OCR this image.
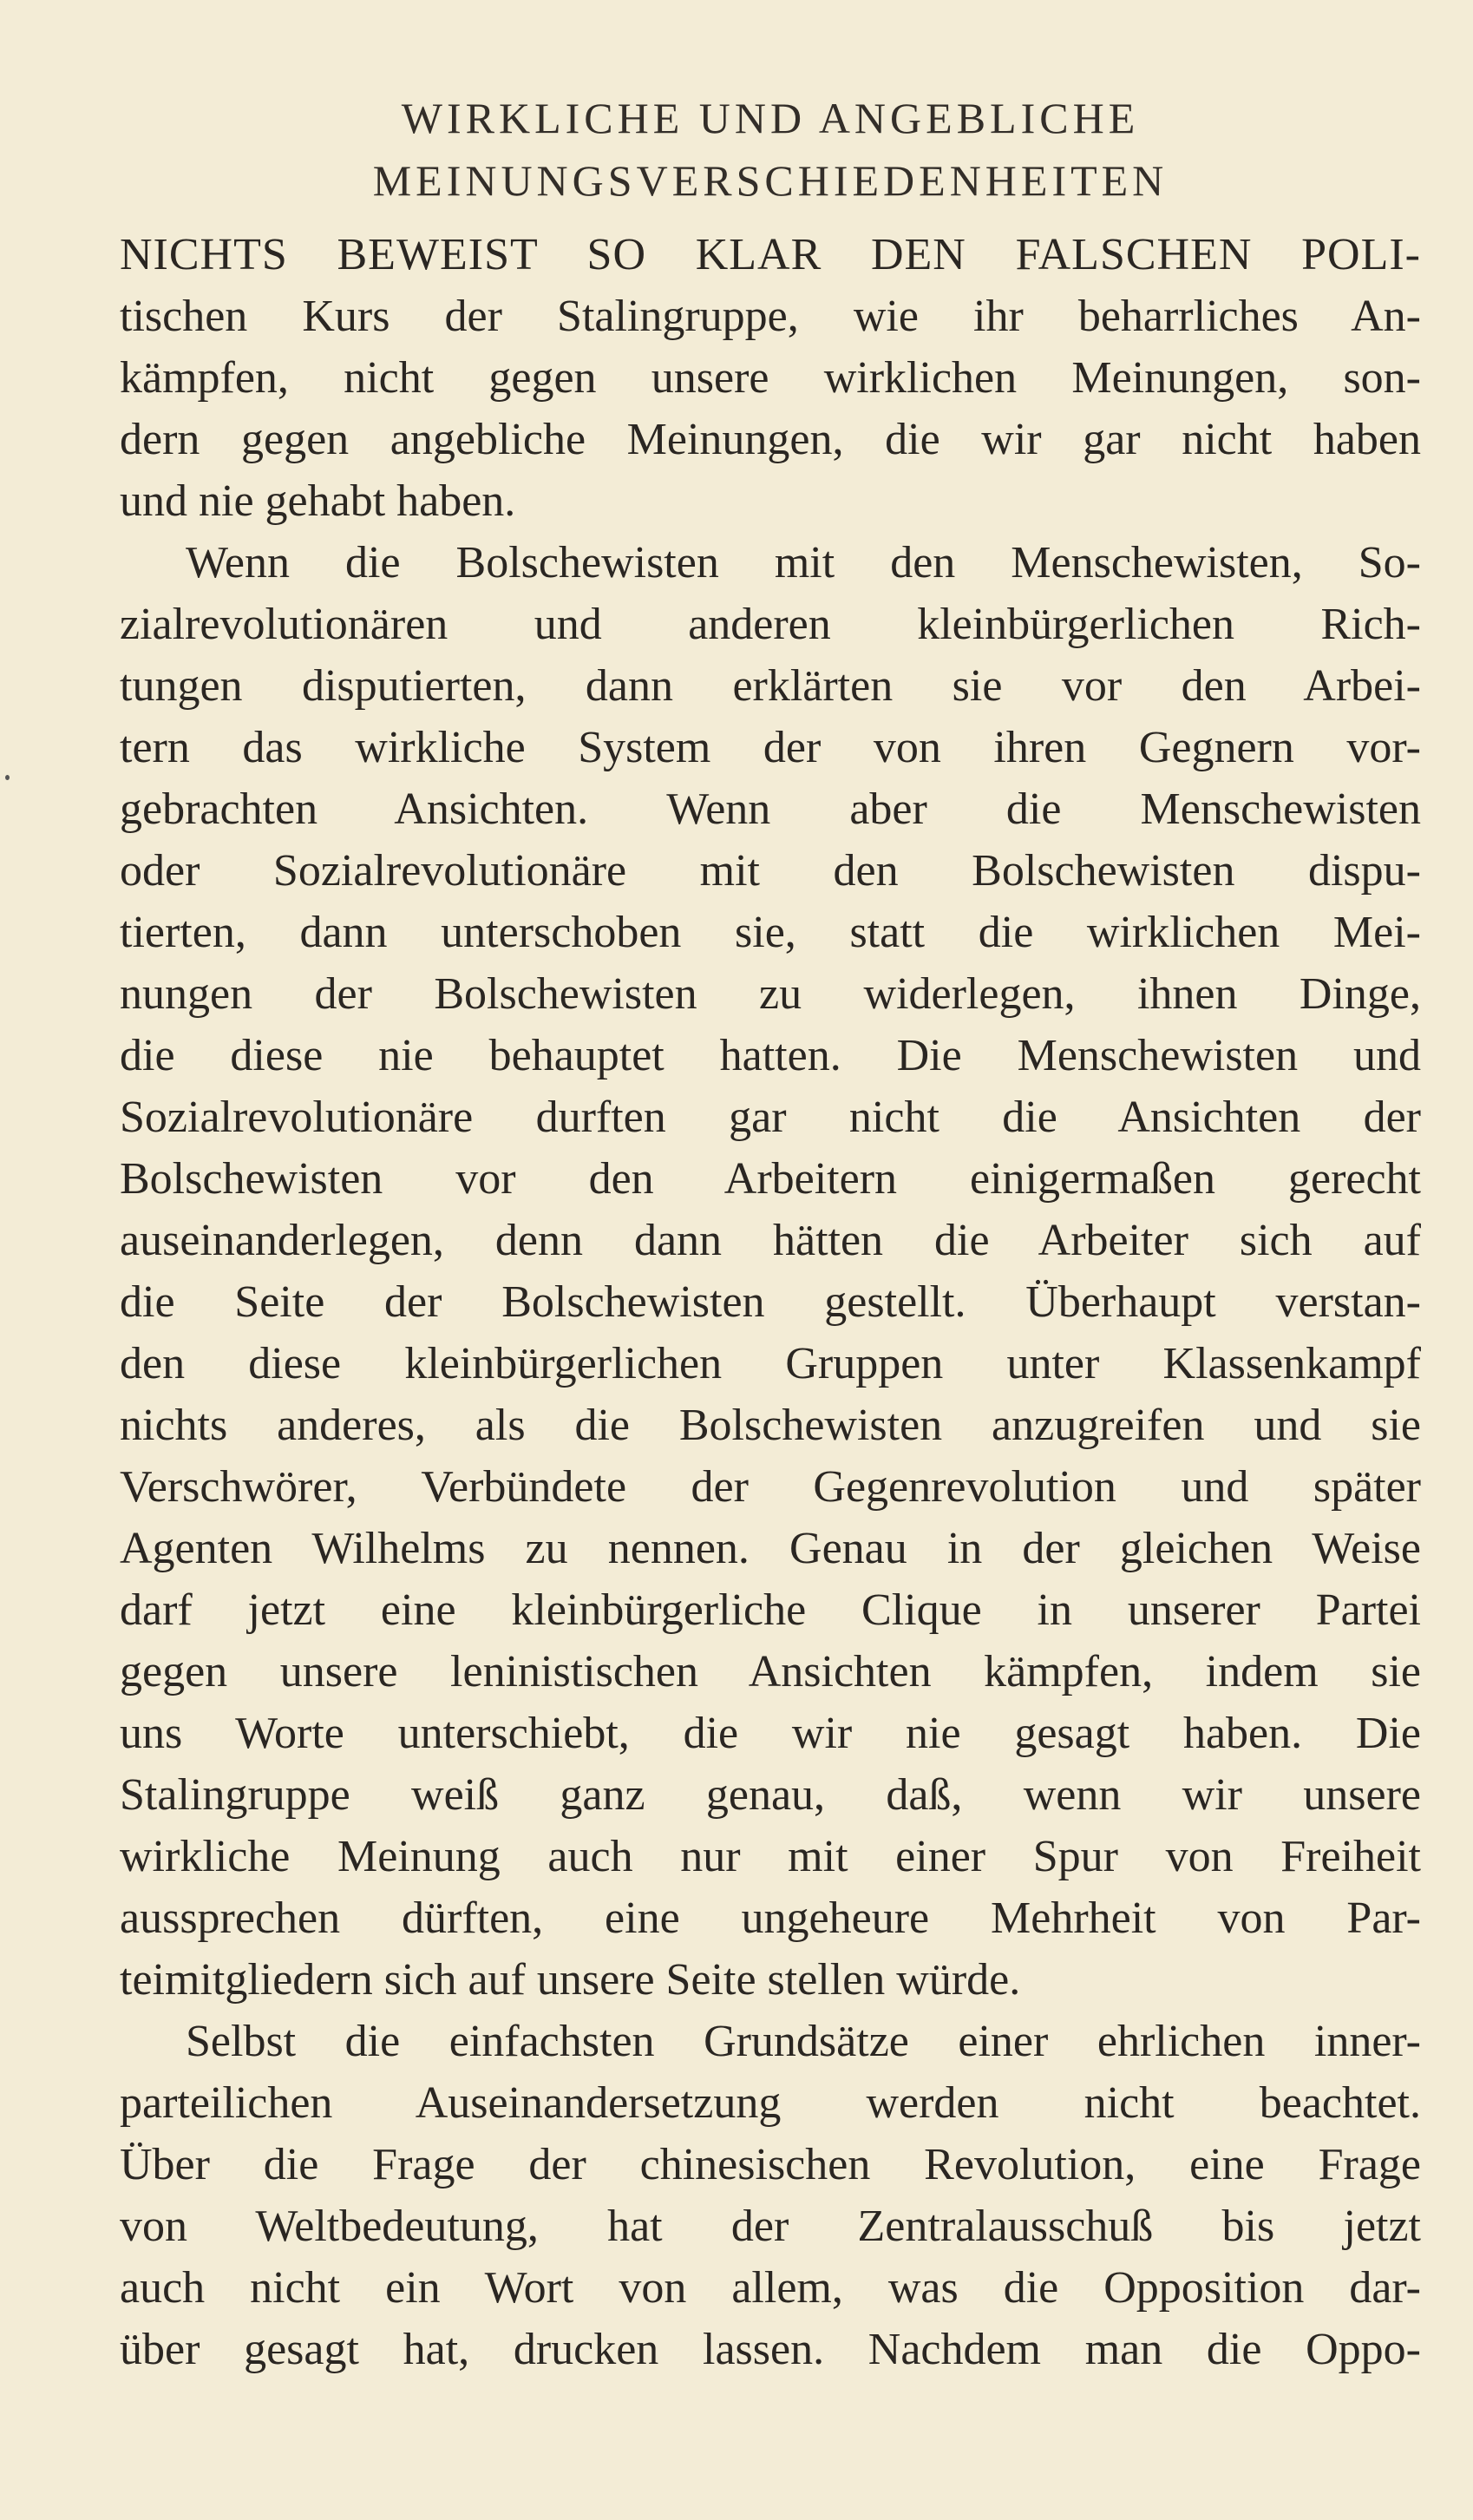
WIRKLICHE UND ANGEBLICHE
MEINUNGSVERSCHIEDENHEITEN
NICHTS BEWEIST SO KLAR DEN FALSCHEN POLI-
tischen Kurs der Stalingruppe, wie ihr beharrliches An-
kämpfen, nicht gegen unsere wirklichen Meinungen, son-
dern gegen angebliche Meinungen, die wir gar nicht haben
und nie gehabt haben.
Wenn die Bolschewisten mit den Menschewisten, So-
zialrevolutionären und anderen kleinbürgerlichen Rich-
tungen disputierten, dann erklärten sie vor den Arbei-
tern das wirkliche System der von ihren Gegnern vor-
gebrachten Ansichten. Wenn aber die Menschewisten
oder Sozialrevolutionäre mit den Bolschewisten dispu-
tierten, dann unterschoben sie, statt die wirklichen Mei-
nungen der Bolschewisten zu widerlegen, ihnen Dinge,
die diese nie behauptet hatten. Die Menschewisten und
Sozialrevolutionäre durften gar nicht die Ansichten der
Bolschewisten vor den Arbeitern einigermaßen gerecht
auseinanderlegen, denn dann hätten die Arbeiter sich auf
die Seite der Bolschewisten gestellt. Überhaupt verstan-
den diese kleinbürgerlichen Gruppen unter Klassenkampf
nichts anderes, als die Bolschewisten anzugreifen und sie
Verschwörer, Verbündete der Gegenrevolution und später
Agenten Wilhelms zu nennen. Genau in der gleichen Weise
darf jetzt eine kleinbürgerliche Clique in unserer Partei
gegen unsere leninistischen Ansichten kämpfen, indem sie
uns Worte unterschiebt, die wir nie gesagt haben. Die
Stalingruppe weiß ganz genau, daß, wenn wir unsere
wirkliche Meinung auch nur mit einer Spur von Freiheit
aussprechen dürften, eine ungeheure Mehrheit von Par-
teimitgliedern sich auf unsere Seite stellen würde.
Selbst die einfachsten Grundsätze einer ehrlichen inner-
parteilichen Auseinandersetzung werden nicht beachtet.
Über die Frage der chinesischen Revolution, eine Frage
von Weltbedeutung, hat der Zentralausschuß bis jetzt
auch nicht ein Wort von allem, was die Opposition dar-
über gesagt hat, drucken lassen. Nachdem man die Oppo-
